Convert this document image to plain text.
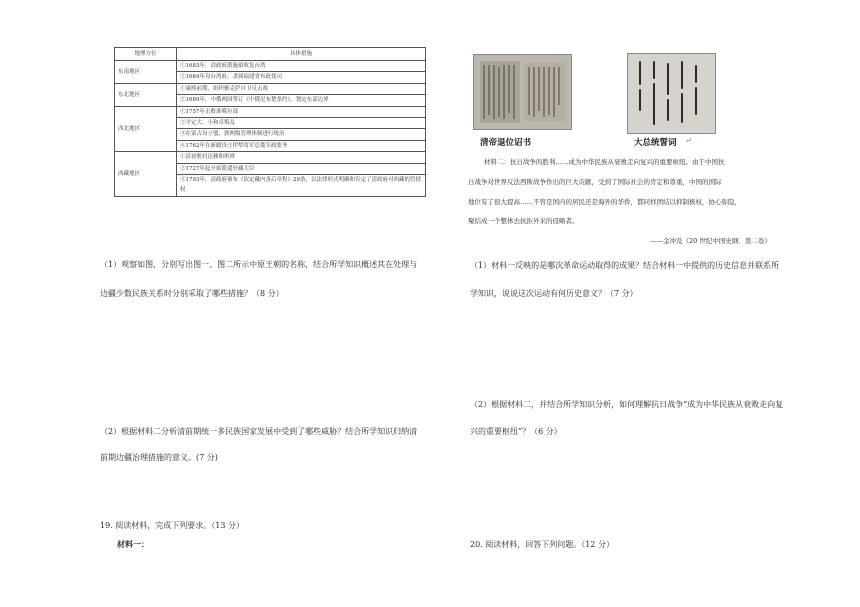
地理方位	具体措施
东南地区	①1683年，清政府派施琅收复台湾
	②1684年设台湾府，隶属福建省布政使司
东北地区	①康熙前期，组织雅克萨自卫反击战
	②1689年，中俄两国签订《中俄尼布楚条约》，划定东部边界
西北地区	①1757年击败准噶尔部
	②平定大、小和卓叛乱
	③在蒙古设立盟、旗两级管理体制进行统治
	④1762年在新疆设立伊犁将军总揽军政要务
西藏地区	①清初册封达赖和班禅
	②1727年起开始派遣驻藏大臣
	③1793年，清政府颁布《钦定藏内善后章程》29条，以法律形式明确和肯定了清政府对西藏的管辖权
（1）观察如图，分别写出图一、图二所示中原王朝的名称，结合所学知识概述其在处理与
边疆少数民族关系时分别采取了哪些措施？（8 分）
（2）根据材料二分析清前期统一多民族国家发展中受到了哪些威胁？结合所学知识归纳清
前期边疆治理措施的意义。(7 分)
19. 阅读材料，完成下列要求。（13 分）
材料一：
清帝退位诏书	大总统誓词 ↵
材料二：抗日战争的胜利……成为中华民族从衰败走向复兴的重要枢纽。由于中国抗
日战争对世界反法西斯战争作出的巨大贡献，受到了国际社会的肯定和尊重，中国的国际
地位有了很大提高……不管是国内的居民还是海外的华侨，都同样团结以抑制极权，协心弥隐，
聚结成一个整体去抗拒外来的侵略者。
——金冲及《20 世纪中国史纲．第二卷》
（1）材料一反映的是哪次革命运动取得的成果？结合材料一中提供的历史信息并联系所
学知识，说说这次运动有何历史意义？（7 分）
（2）根据材料二，并结合所学知识分析，如何理解抗日战争“成为中华民族从衰败走向复
兴的重要枢纽”？（6 分）
20. 阅读材料，回答下列问题。（12 分）
